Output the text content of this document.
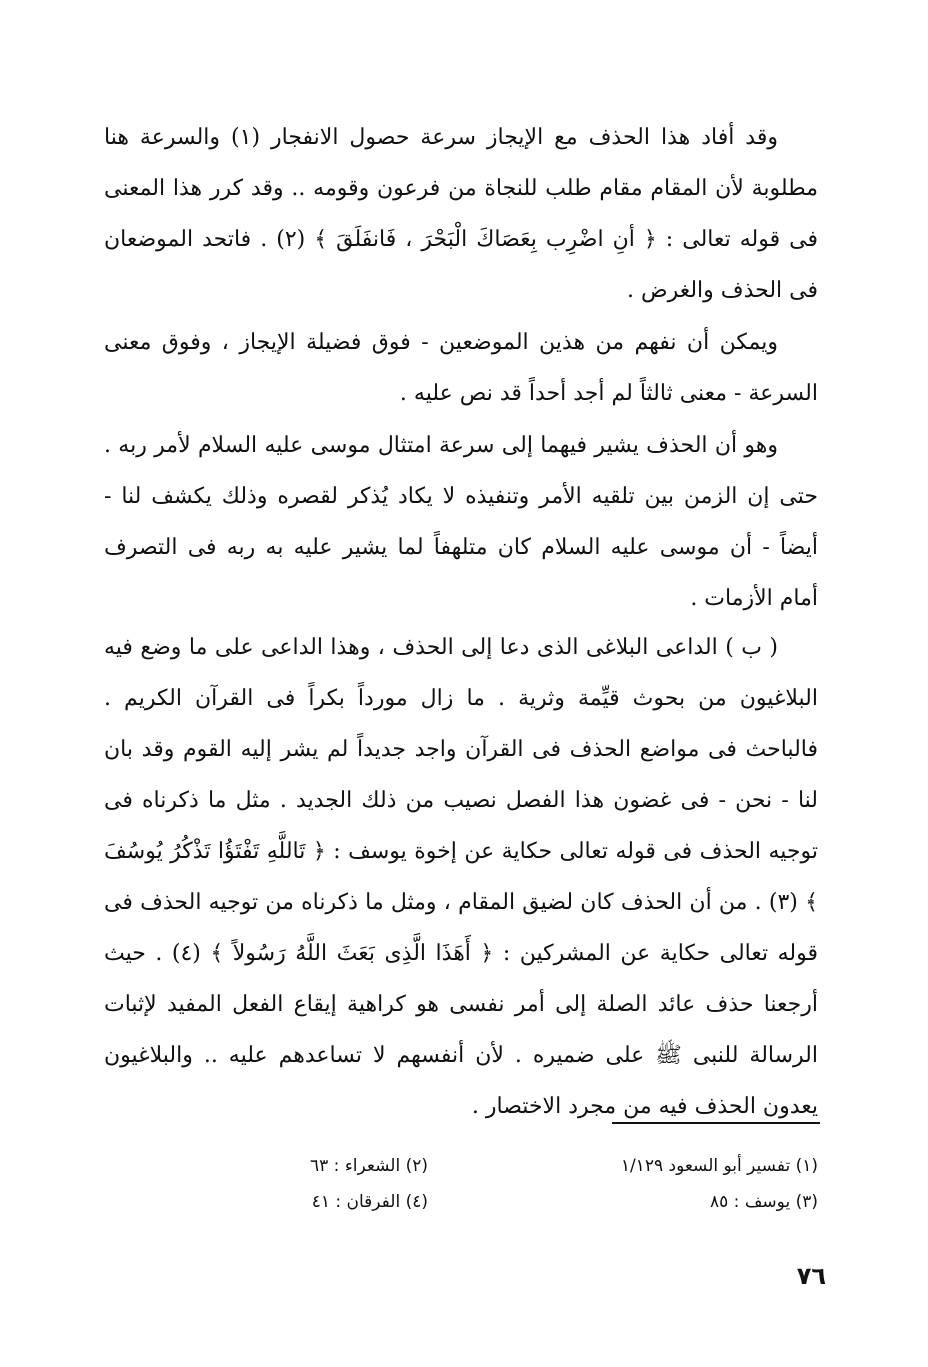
وقد أفاد هذا الحذف مع الإيجاز سرعة حصول الانفجار (١) والسرعة هنا مطلوبة لأن المقام مقام طلب للنجاة من فرعون وقومه .. وقد كرر هذا المعنى فى قوله تعالى : ﴿ أنِ اضْرِب بِعَصَاكَ الْبَحْرَ ، فَانفَلَقَ ﴾ (٢) . فاتحد الموضعان فى الحذف والغرض .

ويمكن أن نفهم من هذين الموضعين - فوق فضيلة الإيجاز ، وفوق معنى السرعة - معنى ثالثاً لم أجد أحداً قد نص عليه .

وهو أن الحذف يشير فيهما إلى سرعة امتثال موسى عليه السلام لأمر ربه . حتى إن الزمن بين تلقيه الأمر وتنفيذه لا يكاد يُذكر لقصره وذلك يكشف لنا - أيضاً - أن موسى عليه السلام كان متلهفاً لما يشير عليه به ربه فى التصرف أمام الأزمات .

( ب ) الداعى البلاغى الذى دعا إلى الحذف ، وهذا الداعى على ما وضع فيه البلاغيون من بحوث قيِّمة وثرية . ما زال مورداً بكراً فى القرآن الكريم . فالباحث فى مواضع الحذف فى القرآن واجد جديداً لم يشر إليه القوم وقد بان لنا - نحن - فى غضون هذا الفصل نصيب من ذلك الجديد . مثل ما ذكرناه فى توجيه الحذف فى قوله تعالى حكاية عن إخوة يوسف : ﴿ تَاللَّهِ تَفْتَؤُا تَذْكُرُ يُوسُفَ ﴾ (٣) . من أن الحذف كان لضيق المقام ، ومثل ما ذكرناه من توجيه الحذف فى قوله تعالى حكاية عن المشركين : ﴿ أَهَذَا الَّذِى بَعَثَ اللَّهُ رَسُولاً ﴾ (٤) . حيث أرجعنا حذف عائد الصلة إلى أمر نفسى هو كراهية إيقاع الفعل المفيد لإثبات الرسالة للنبى ﷺ على ضميره . لأن أنفسهم لا تساعدهم عليه .. والبلاغيون يعدون الحذف فيه من مجرد الاختصار .

(١) تفسير أبو السعود ١/١٢٩
(٢) الشعراء : ٦٣
(٣) يوسف : ٨٥
(٤) الفرقان : ٤١
٧٦
